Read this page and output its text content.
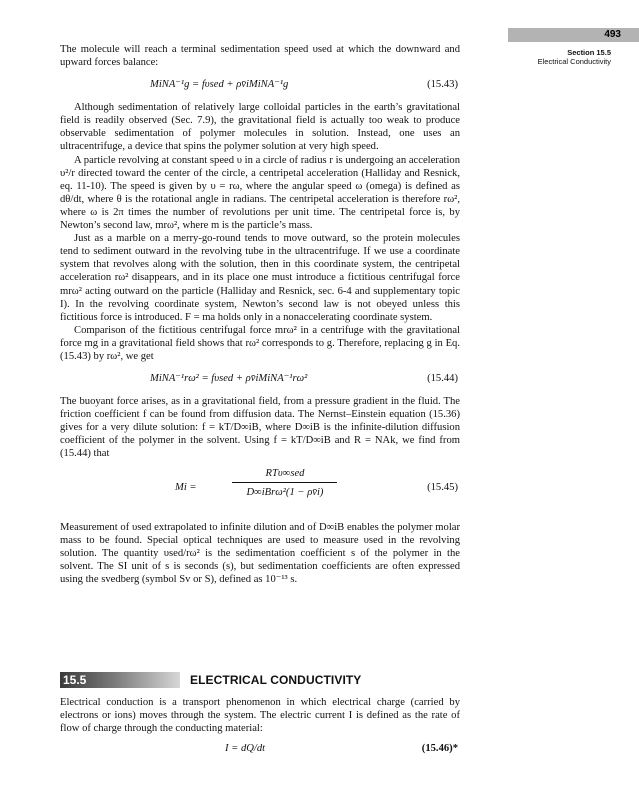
493
Section 15.5
Electrical Conductivity

The molecule will reach a terminal sedimentation speed υsed at which the downward and upward forces balance:

MiNA⁻¹g = fυsed + ρv̄iMiNA⁻¹g	(15.43)

Although sedimentation of relatively large colloidal particles in the earth’s gravitational field is readily observed (Sec. 7.9), the gravitational field is actually too weak to produce observable sedimentation of polymer molecules in solution. Instead, one uses an ultracentrifuge, a device that spins the polymer solution at very high speed.

A particle revolving at constant speed υ in a circle of radius r is undergoing an acceleration υ²/r directed toward the center of the circle, a centripetal acceleration (Halliday and Resnick, eq. 11-10). The speed is given by υ = rω, where the angular speed ω (omega) is defined as dθ/dt, where θ is the rotational angle in radians. The centripetal acceleration is therefore rω², where ω is 2π times the number of revolutions per unit time. The centripetal force is, by Newton’s second law, mrω², where m is the particle’s mass.

Just as a marble on a merry-go-round tends to move outward, so the protein molecules tend to sediment outward in the revolving tube in the ultracentrifuge. If we use a coordinate system that revolves along with the solution, then in this coordinate system, the centripetal acceleration rω² disappears, and in its place one must introduce a fictitious centrifugal force mrω² acting outward on the particle (Halliday and Resnick, sec. 6-4 and supplementary topic I). In the revolving coordinate system, Newton’s second law is not obeyed unless this fictitious force is introduced. F = ma holds only in a nonaccelerating coordinate system.

Comparison of the fictitious centrifugal force mrω² in a centrifuge with the gravitational force mg in a gravitational field shows that rω² corresponds to g. Therefore, replacing g in Eq. (15.43) by rω², we get

MiNA⁻¹rω² = fυsed + ρv̄iMiNA⁻¹rω²	(15.44)

The buoyant force arises, as in a gravitational field, from a pressure gradient in the fluid. The friction coefficient f can be found from diffusion data. The Nernst–Einstein equation (15.36) gives for a very dilute solution: f = kT/D∞iB, where D∞iB is the infinite-dilution diffusion coefficient of the polymer in the solvent. Using f = kT/D∞iB and R = NAk, we find from (15.44) that

Mi =
RTυ∞sed
D∞iBrω²(1 − ρv̄i)	(15.45)

Measurement of υsed extrapolated to infinite dilution and of D∞iB enables the polymer molar mass to be found. Special optical techniques are used to measure υsed in the revolving solution. The quantity υsed/rω² is the sedimentation coefficient s of the polymer in the solvent. The SI unit of s is seconds (s), but sedimentation coefficients are often expressed using the svedberg (symbol Sv or S), defined as 10⁻¹³ s.

15.5	ELECTRICAL CONDUCTIVITY

Electrical conduction is a transport phenomenon in which electrical charge (carried by electrons or ions) moves through the system. The electric current I is defined as the rate of flow of charge through the conducting material:

I = dQ/dt	(15.46)*
